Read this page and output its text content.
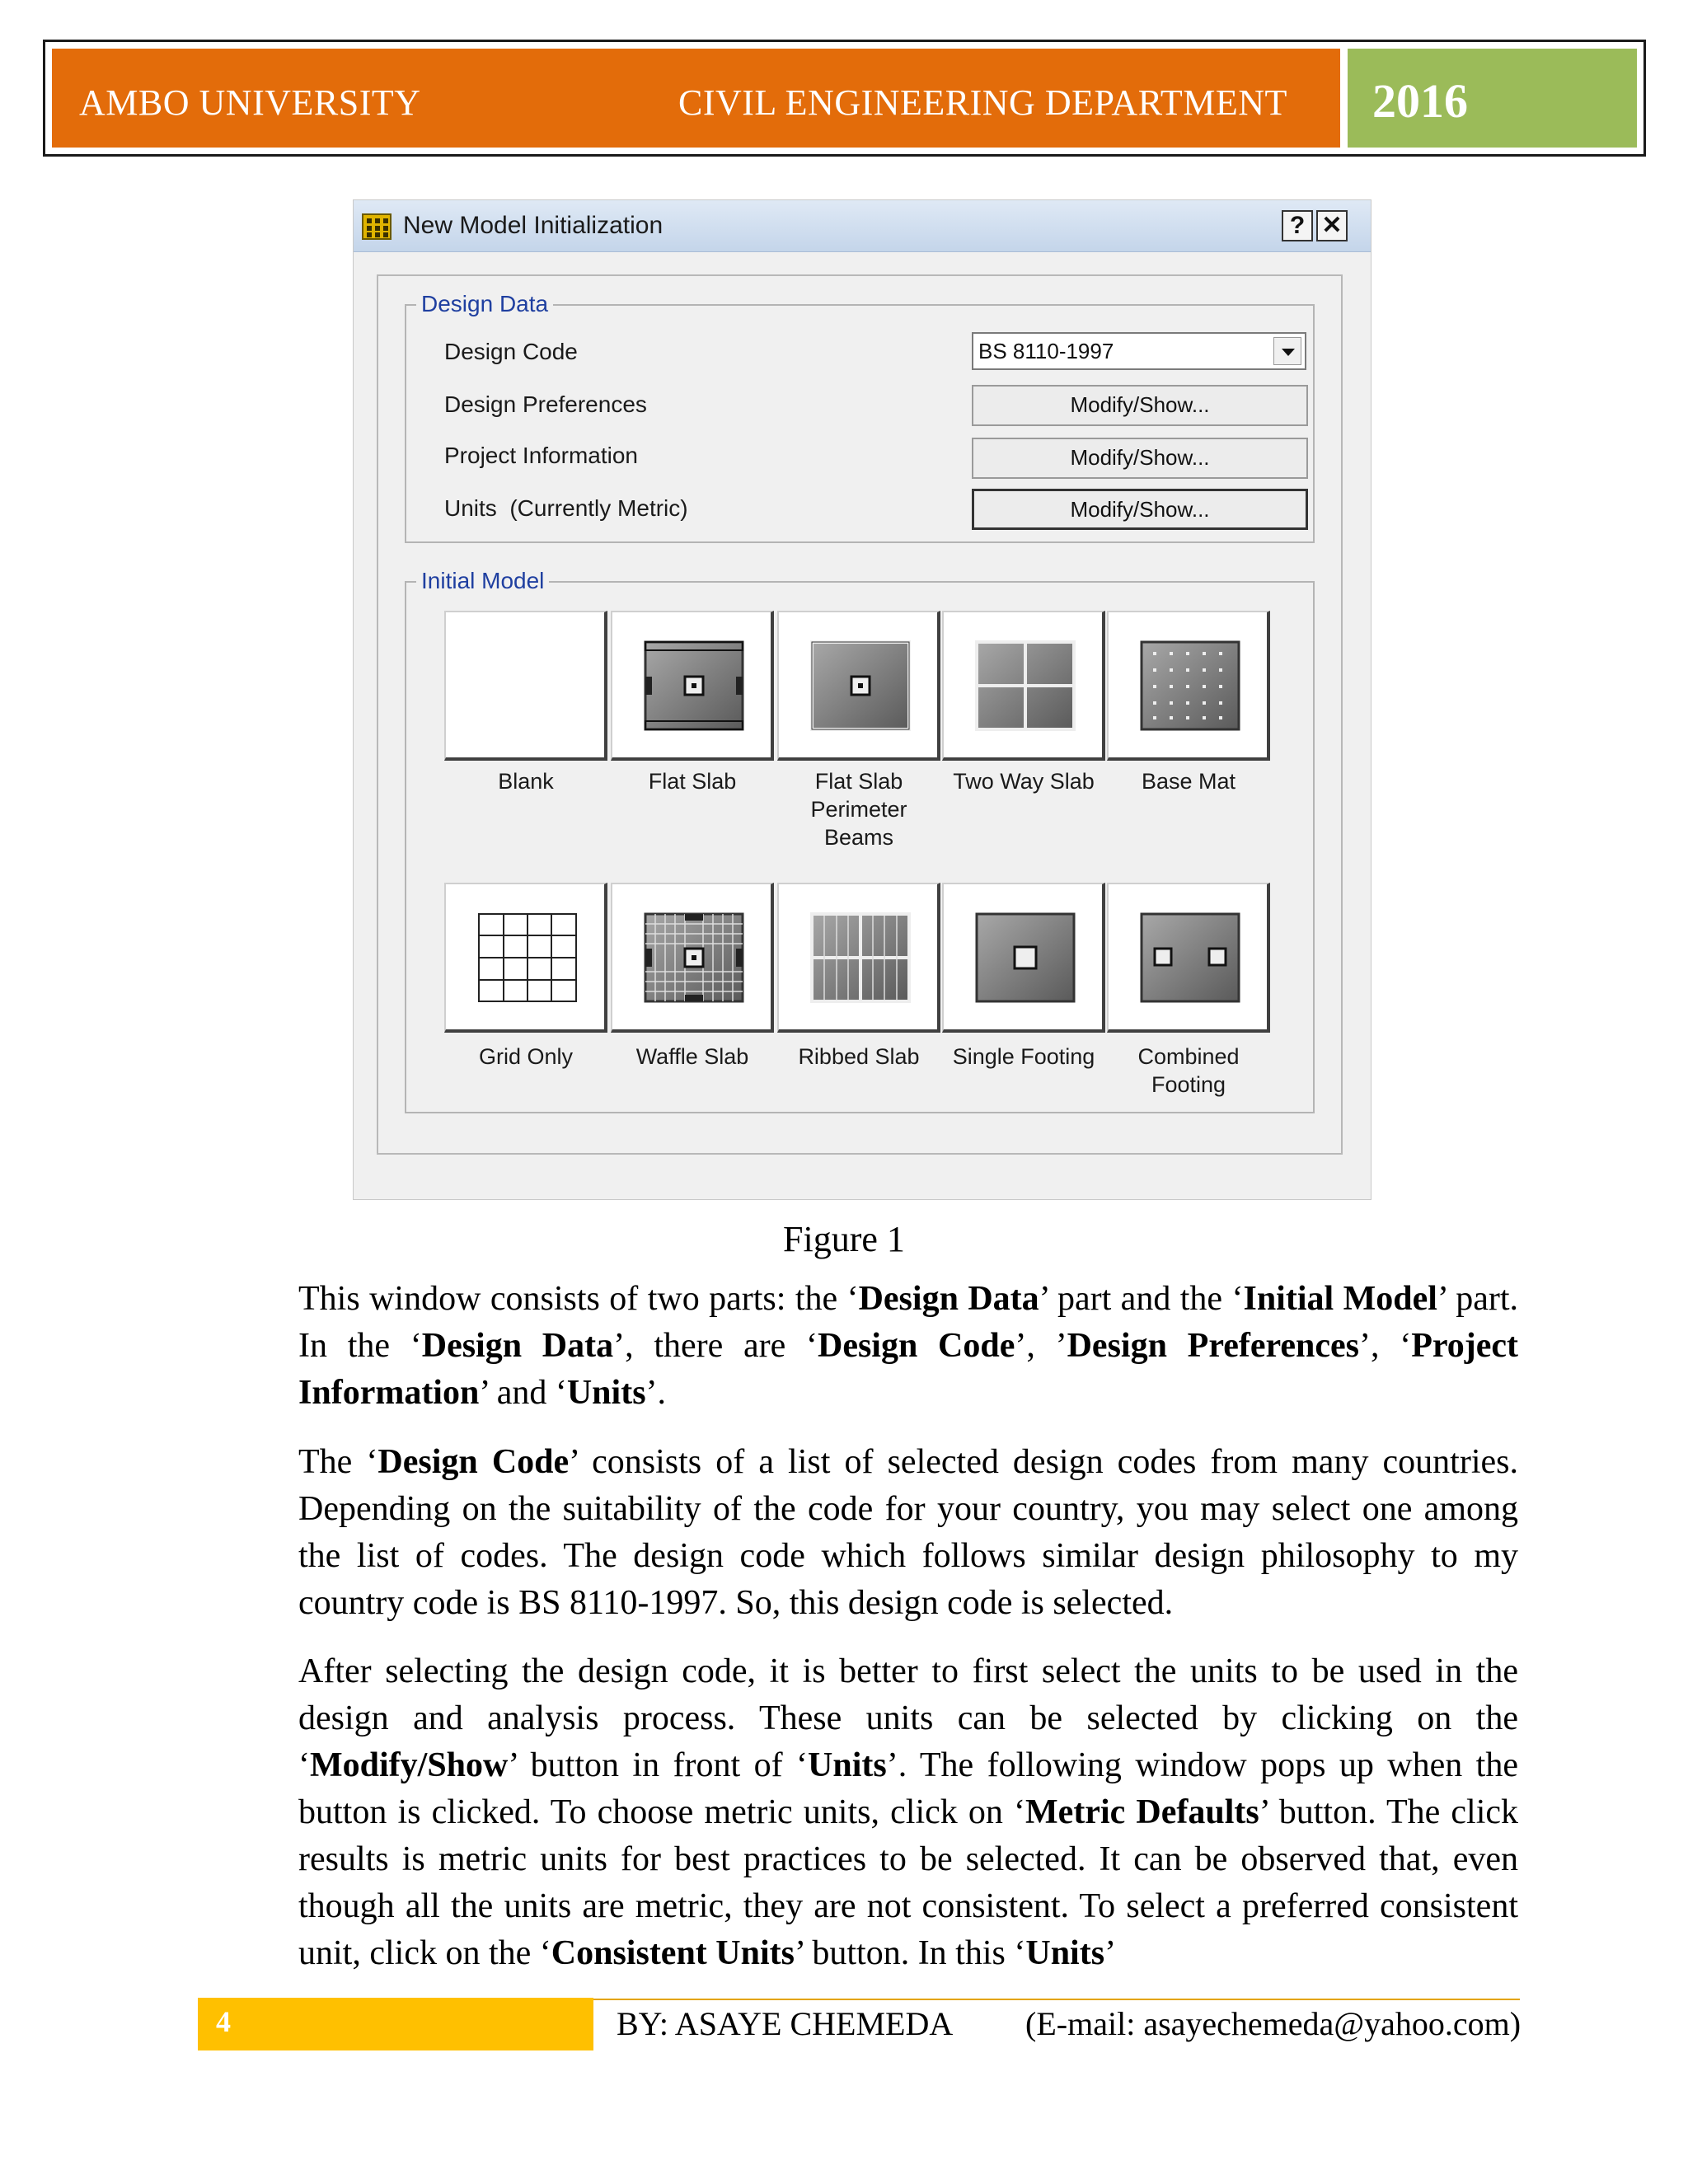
AMBO UNIVERSITY	CIVIL ENGINEERING DEPARTMENT 2016
New Model Initialization	? ✕
Design Data
Design Code	BS 8110-1997
Design Preferences	Modify/Show...
Project Information	Modify/Show...
Units  (Currently Metric)	Modify/Show...
Initial Model
Blank	Flat Slab	Flat Slab
Perimeter
Beams
Two Way Slab	Base Mat
Grid Only	Waffle Slab	Ribbed Slab	Single Footing	Combined
Footing
Figure 1

This window consists of two parts: the ‘Design Data’ part and the ‘Initial Model’ part. In the ‘Design Data’, there are ‘Design Code’, ’Design Preferences’, ‘Project Information’ and ‘Units’.

The ‘Design Code’ consists of a list of selected design codes from many countries. Depending on the suitability of the code for your country, you may select one among the list of codes. The design code which follows similar design philosophy to my country code is BS 8110-1997. So, this design code is selected.

After selecting the design code, it is better to first select the units to be used in the design and analysis process. These units can be selected by clicking on the ‘Modify/Show’ button in front of ‘Units’. The following window pops up when the button is clicked. To choose metric units, click on ‘Metric Defaults’ button. The click results is metric units for best practices to be selected. It can be observed that, even though all the units are metric, they are not consistent. To select a preferred consistent unit, click on the ‘Consistent Units’ button. In this ‘Units’

4	BY: ASAYE CHEMEDA (E-mail: asayechemeda@yahoo.com)
